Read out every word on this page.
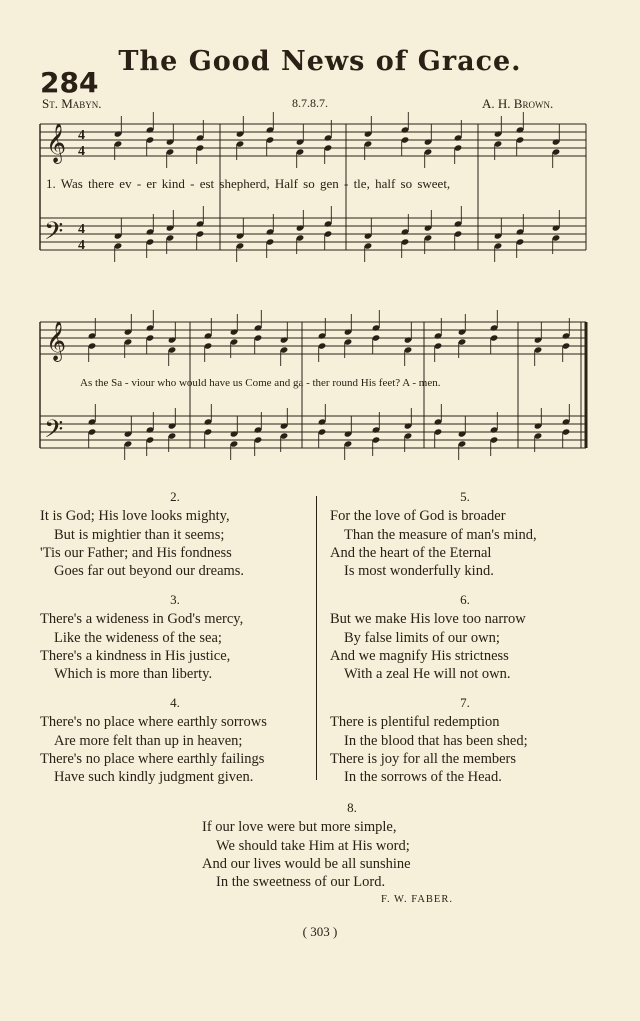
The Good News of Grace.
284
St. Mabyn.	8.7.8.7.	A. H. Brown.
𝄞
𝄢
4
4
4
4
𝄞
𝄢
1. Was there ev - er kind - est shepherd, Half so gen - tle, half so sweet,
As the Sa - viour who would have us Come and ga - ther round His feet? A - men.
2.
It is God; His love looks mighty,
But is mightier than it seems;
'Tis our Father; and His fondness
Goes far out beyond our dreams.
3.
There's a wideness in God's mercy,
Like the wideness of the sea;
There's a kindness in His justice,
Which is more than liberty.
4.
There's no place where earthly sorrows
Are more felt than up in heaven;
There's no place where earthly failings
Have such kindly judgment given.
5.
For the love of God is broader
Than the measure of man's mind,
And the heart of the Eternal
Is most wonderfully kind.
6.
But we make His love too narrow
By false limits of our own;
And we magnify His strictness
With a zeal He will not own.
7.
There is plentiful redemption
In the blood that has been shed;
There is joy for all the members
In the sorrows of the Head.
8.
If our love were but more simple,
We should take Him at His word;
And our lives would be all sunshine
In the sweetness of our Lord.
F. W. FABER.
( 303 )
